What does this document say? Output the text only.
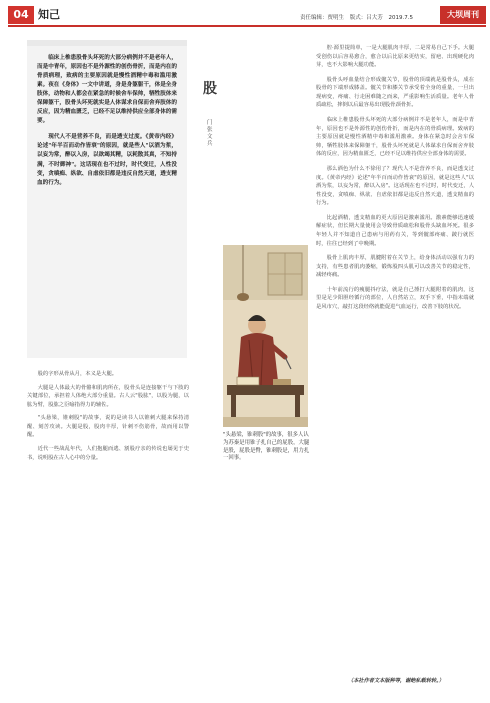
04 知己	责任编辑：贾明生 版式：吕大芳 2019.7.5	大坝周刊

临床上椎患股骨头坏死的大部分病例并不是老年人，而是中青年，原因也不是外源性的创伤骨折，而是内在的骨质病理，致病的主要原因就是慢性酒精中毒和滥用激素。夜在《身体》一文中讲道，身是身躯躯干，体是全身肢体，动物和人都会在紧急的时候舍车保帅，牺牲肢体来保障躯干，股骨头坏死就实是人体谋求自保而舍弃肢体的反应，因为精血匮乏，已经不足以维持供应全部身体的需要。

现代人不是营养不良，而是透支过度。《黄帝内经》论述"年半百而动作皆衰"的原因，就是些人"以酒为浆，以妄为常，醉以入房，以欲竭其精，以耗散其真，不知持满，不时御神"。这话现在也不过时，时代变迁，人性没变，贪嗔痴、纵欲、自虐依旧都是违反自然天道，透支精血的行为。

股的字形从骨从月，本义是大腿。

大腿是人体最大的骨骼和肌肉所在，股骨头是连接躯干与下肢的关键部位，承担着人体绝大部分重量。古人云"股肱"，以股为腿，以肱为臂，股肱之臣喻指得力的辅佐。

"头悬梁，锥刺股"的故事，说的是读书人以锥刺大腿来保持清醒、刻苦攻读。大腿是股，股肉丰厚，针刺不伤筋骨，故而用以警醒。

近代一些战乱年代，人们抱腿而逃、割股疗亲的传说也屡见于史书，说明股在古人心中的分量。

股
门 张 文 兵

"头悬梁，锥刺股"的故事，很多人认为苏秦是用锥子扎自己的屁股，大腿是股，屁股是臀，锥刺股是，用力扎一回事。

腔·源里提简单，一是大腿肌肉丰厚，二是常易自己下手。大腿受创伤以后容易愈合，愈合以后比原来更结实，留疤、出现硬化肉芽，也不大影响大腿功能。

股骨头呼血量结合形成髋关节，股骨的顶端就是股骨头，成在股骨的下端形成膝盖。髋关节和膝关节承受着全身的重量，一旦出现病变，疼痛、行走困难随之而来，严重影响生活质量。老年人骨质疏松，摔倒以后最容易出现股骨颈骨折。

临床上椎患股骨头坏死的大部分病例并不是老年人，而是中青年，原因也不是外源性的创伤骨折，而是内在的骨质病理。致病的主要原因就是慢性酒精中毒和滥用激素。身体在紧急时会舍车保帅，牺牲肢体来保障躯干，股骨头坏死就是人体谋求自保而舍弃肢体的反应，因为精血匮乏，已经不足以维持供应全部身体的需要。

那么酒色为什么不徐用了？现代人不是营养不良，而是透支过度。《黄帝内经》论述"年半百而动作皆衰"的原因，就是这些人"以酒为浆，以妄为常，醉以入房"。这话现在也不过时，时代变迁，人性没变，贪嗔痴、纵欲、自虐依旧都是违反自然天道，透支精血的行为。

比起酒精，透支精血的更大原因是激素滥用。激素能够迅速缓解症状，但长期大量使用会导致骨质疏松和股骨头缺血坏死。很多年轻人并不知道自己患病与用药有关，等到髋部疼痛、跛行就医时，往往已经到了中晚期。

股骨上肌肉丰厚，肌腱附着在关节上，给身体活动以强有力的支持，有些患者肌肉萎缩，锻炼股四头肌可以改善关节的稳定性，减轻疼痛。

十年前流行的瘦腿抖疗法，就是自己捶打大腿附着的肌肉，这里是足少阳胆经循行的部位，人自然站立，双手下垂，中指末端就是风市穴，敲打这段经络就能促进气血运行，改善下肢的状况。

（本社作者文本版种等，谢绝私载转转。）
